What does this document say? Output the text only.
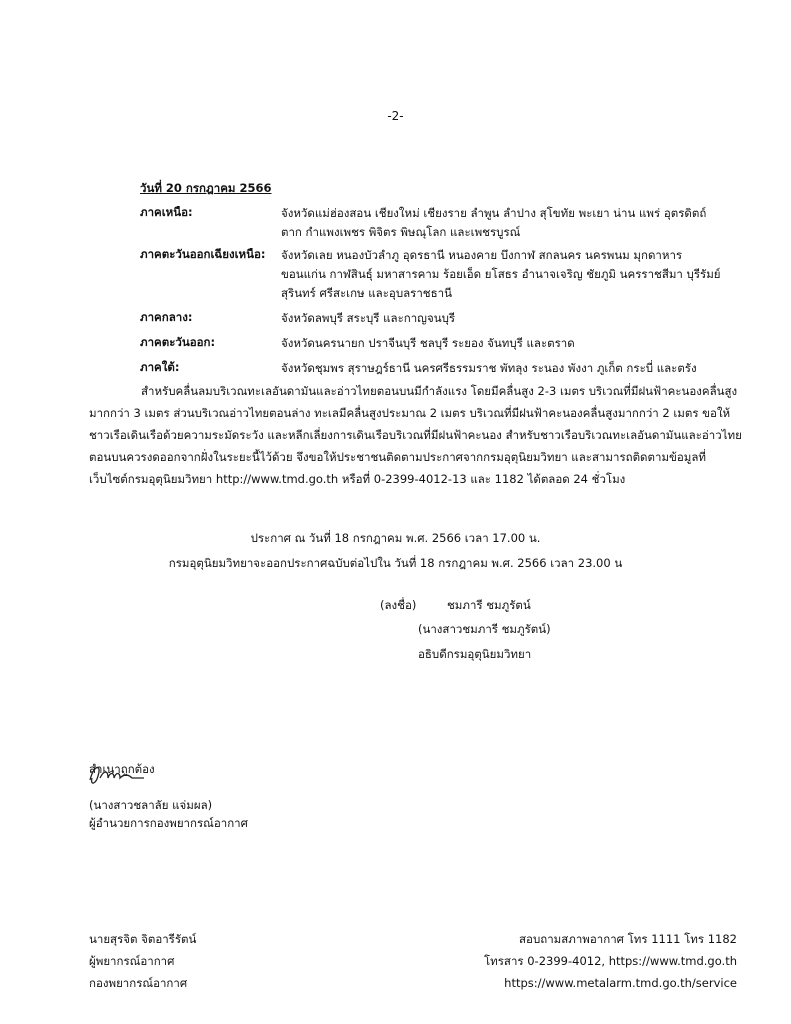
-2-
วันที่ 20 กรกฎาคม 2566
ภาคเหนือ:	จังหวัดแม่ฮ่องสอน เชียงใหม่ เชียงราย ลำพูน ลำปาง สุโขทัย พะเยา น่าน แพร่ อุตรดิตถ์
ตาก กำแพงเพชร พิจิตร พิษณุโลก และเพชรบูรณ์
ภาคตะวันออกเฉียงเหนือ: จังหวัดเลย หนองบัวลำภู อุดรธานี หนองคาย บึงกาฬ สกลนคร นครพนม มุกดาหาร
ขอนแก่น กาฬสินธุ์ มหาสารคาม ร้อยเอ็ด ยโสธร อำนาจเจริญ ชัยภูมิ นครราชสีมา บุรีรัมย์
สุรินทร์ ศรีสะเกษ และอุบลราชธานี
ภาคกลาง:	จังหวัดลพบุรี สระบุรี และกาญจนบุรี
ภาคตะวันออก:	จังหวัดนครนายก ปราจีนบุรี ชลบุรี ระยอง จันทบุรี และตราด
ภาคใต้:	จังหวัดชุมพร สุราษฎร์ธานี นครศรีธรรมราช พัทลุง ระนอง พังงา ภูเก็ต กระบี่ และตรัง
สำหรับคลื่นลมบริเวณทะเลอันดามันและอ่าวไทยตอนบนมีกำลังแรง โดยมีคลื่นสูง 2-3 เมตร บริเวณที่มีฝนฟ้าคะนองคลื่นสูง
มากกว่า 3 เมตร ส่วนบริเวณอ่าวไทยตอนล่าง ทะเลมีคลื่นสูงประมาณ 2 เมตร บริเวณที่มีฝนฟ้าคะนองคลื่นสูงมากกว่า 2 เมตร ขอให้
ชาวเรือเดินเรือด้วยความระมัดระวัง และหลีกเลี่ยงการเดินเรือบริเวณที่มีฝนฟ้าคะนอง สำหรับชาวเรือบริเวณทะเลอันดามันและอ่าวไทย
ตอนบนควรงดออกจากฝั่งในระยะนี้ไว้ด้วย จึงขอให้ประชาชนติดตามประกาศจากกรมอุตุนิยมวิทยา และสามารถติดตามข้อมูลที่
เว็บไซต์กรมอุตุนิยมวิทยา http://www.tmd.go.th หรือที่ 0-2399-4012-13 และ 1182 ได้ตลอด 24 ชั่วโมง
ประกาศ ณ วันที่ 18 กรกฎาคม พ.ศ. 2566 เวลา 17.00 น.
กรมอุตุนิยมวิทยาจะออกประกาศฉบับต่อไปใน วันที่ 18 กรกฎาคม พ.ศ. 2566 เวลา 23.00 น
(ลงชื่อ)	ชมภารี ชมภูรัตน์
(นางสาวชมภารี ชมภูรัตน์)
อธิบดีกรมอุตุนิยมวิทยา
สำเนาถูกต้อง
(นางสาวชลาลัย แจ่มผล)
ผู้อำนวยการกองพยากรณ์อากาศ
นายสุรจิต จิตอารีรัตน์
ผู้พยากรณ์อากาศ
กองพยากรณ์อากาศ
สอบถามสภาพอากาศ โทร 1111 โทร 1182
โทรสาร 0-2399-4012, https://www.tmd.go.th
https://www.metalarm.tmd.go.th/service
